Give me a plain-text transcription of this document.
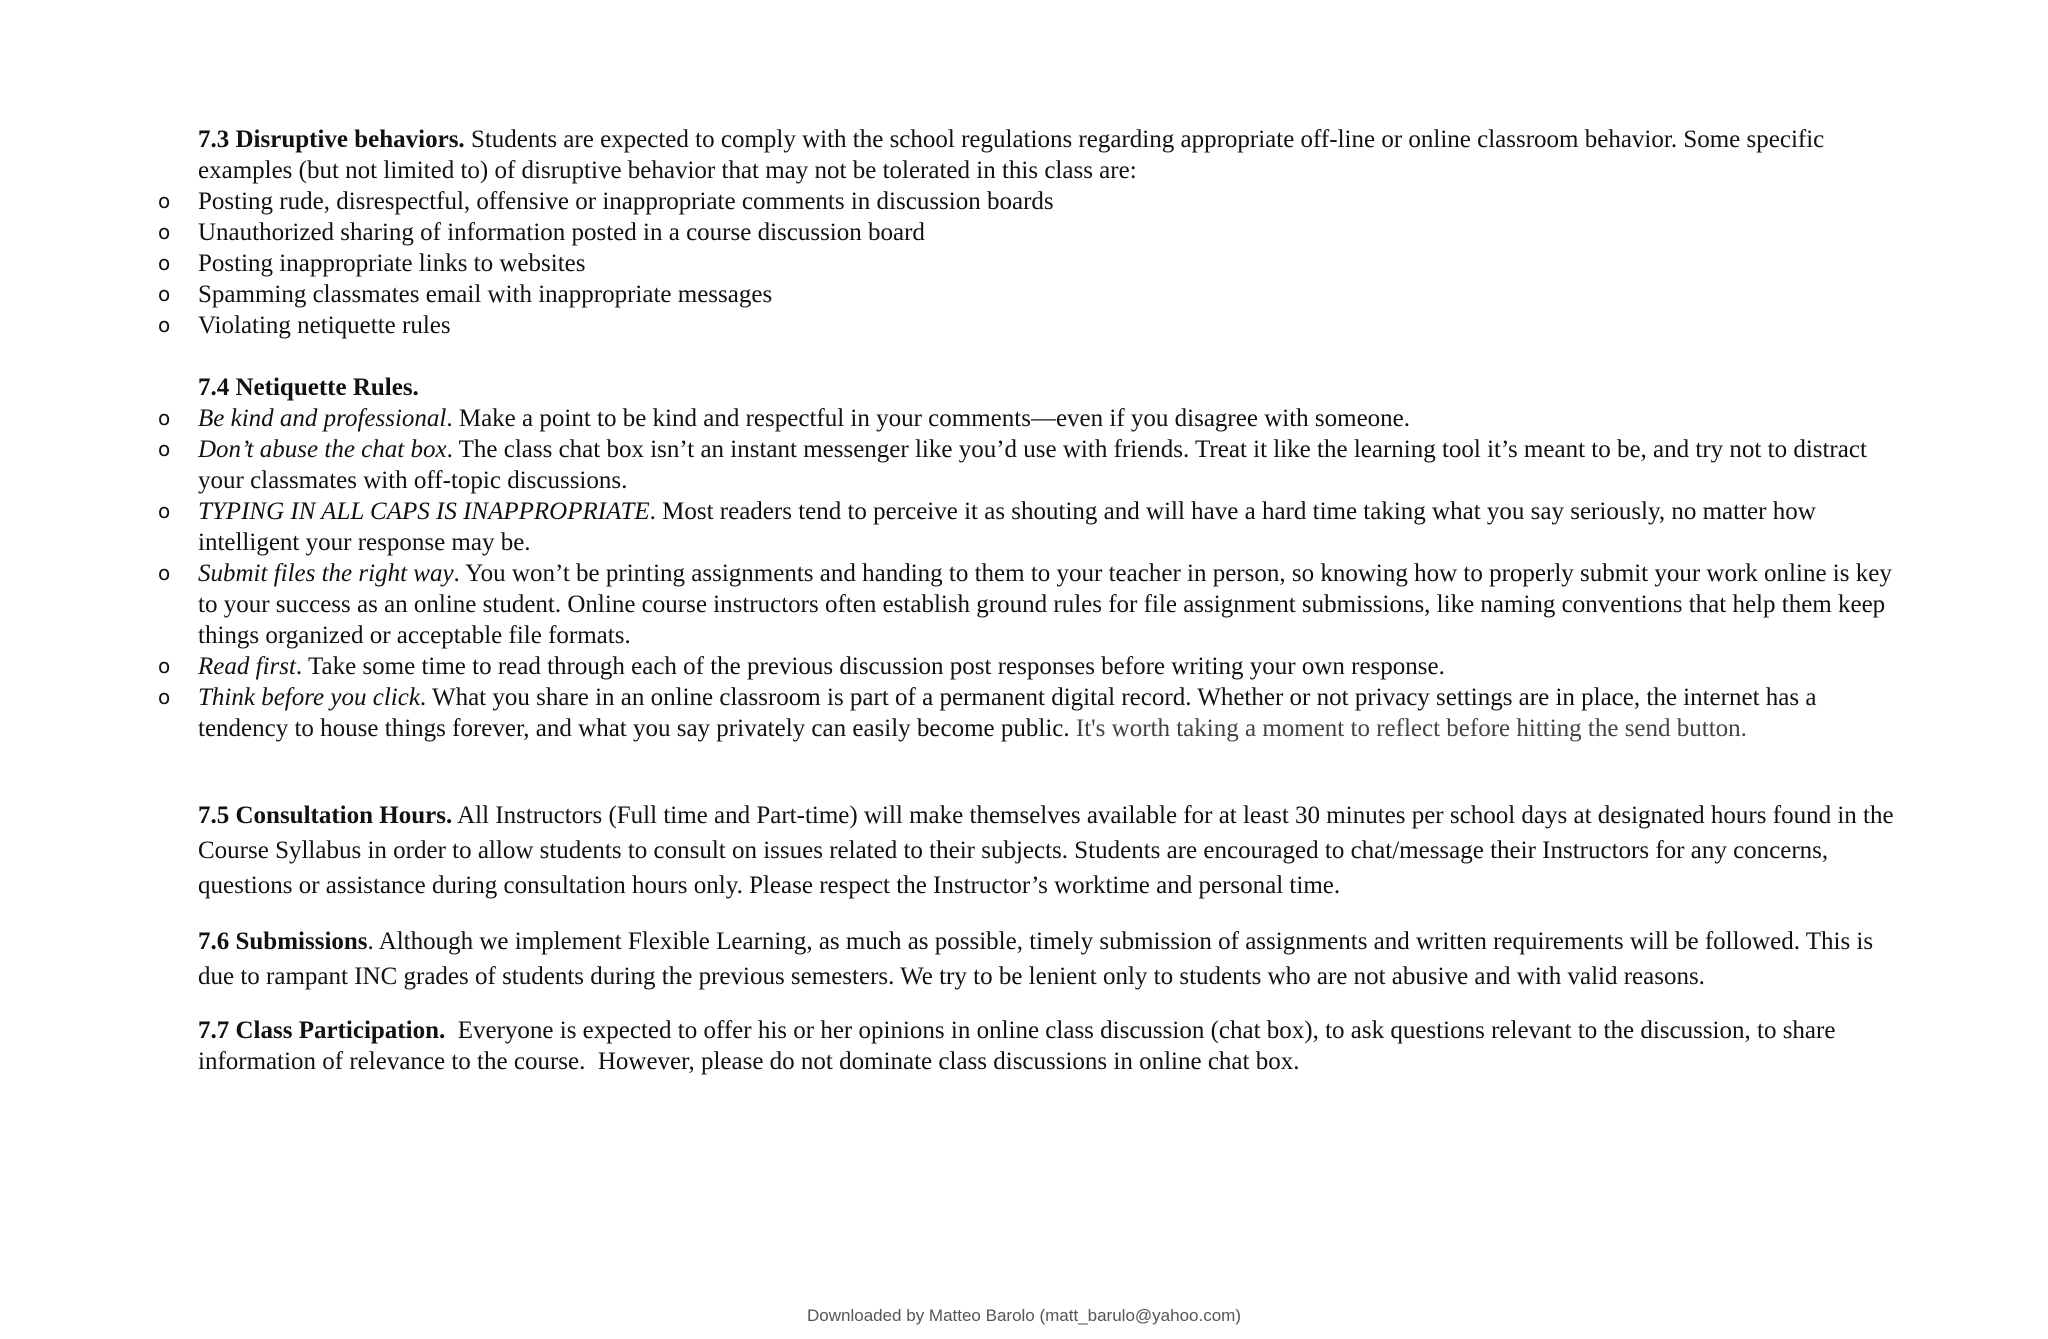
7.3 Disruptive behaviors. Students are expected to comply with the school regulations regarding appropriate off-line or online classroom behavior. Some specific examples (but not limited to) of disruptive behavior that may not be tolerated in this class are:

o Posting rude, disrespectful, offensive or inappropriate comments in discussion boards
o Unauthorized sharing of information posted in a course discussion board
o Posting inappropriate links to websites
o Spamming classmates email with inappropriate messages
o Violating netiquette rules

7.4 Netiquette Rules.

o Be kind and professional. Make a point to be kind and respectful in your comments—even if you disagree with someone.
o Don’t abuse the chat box. The class chat box isn’t an instant messenger like you’d use with friends. Treat it like the learning tool it’s meant to be, and try not to distract your classmates with off-topic discussions.
o TYPING IN ALL CAPS IS INAPPROPRIATE. Most readers tend to perceive it as shouting and will have a hard time taking what you say seriously, no matter how intelligent your response may be.
o Submit files the right way. You won’t be printing assignments and handing to them to your teacher in person, so knowing how to properly submit your work online is key to your success as an online student. Online course instructors often establish ground rules for file assignment submissions, like naming conventions that help them keep things organized or acceptable file formats.
o Read first. Take some time to read through each of the previous discussion post responses before writing your own response.
o Think before you click. What you share in an online classroom is part of a permanent digital record. Whether or not privacy settings are in place, the internet has a tendency to house things forever, and what you say privately can easily become public. It's worth taking a moment to reflect before hitting the send button.

7.5 Consultation Hours. All Instructors (Full time and Part-time) will make themselves available for at least 30 minutes per school days at designated hours found in the Course Syllabus in order to allow students to consult on issues related to their subjects. Students are encouraged to chat/message their Instructors for any concerns, questions or assistance during consultation hours only. Please respect the Instructor’s worktime and personal time.

7.6 Submissions. Although we implement Flexible Learning, as much as possible, timely submission of assignments and written requirements will be followed. This is due to rampant INC grades of students during the previous semesters. We try to be lenient only to students who are not abusive and with valid reasons.

7.7 Class Participation.  Everyone is expected to offer his or her opinions in online class discussion (chat box), to ask questions relevant to the discussion, to share information of relevance to the course.  However, please do not dominate class discussions in online chat box.

Downloaded by Matteo Barolo (matt_barulo@yahoo.com)
